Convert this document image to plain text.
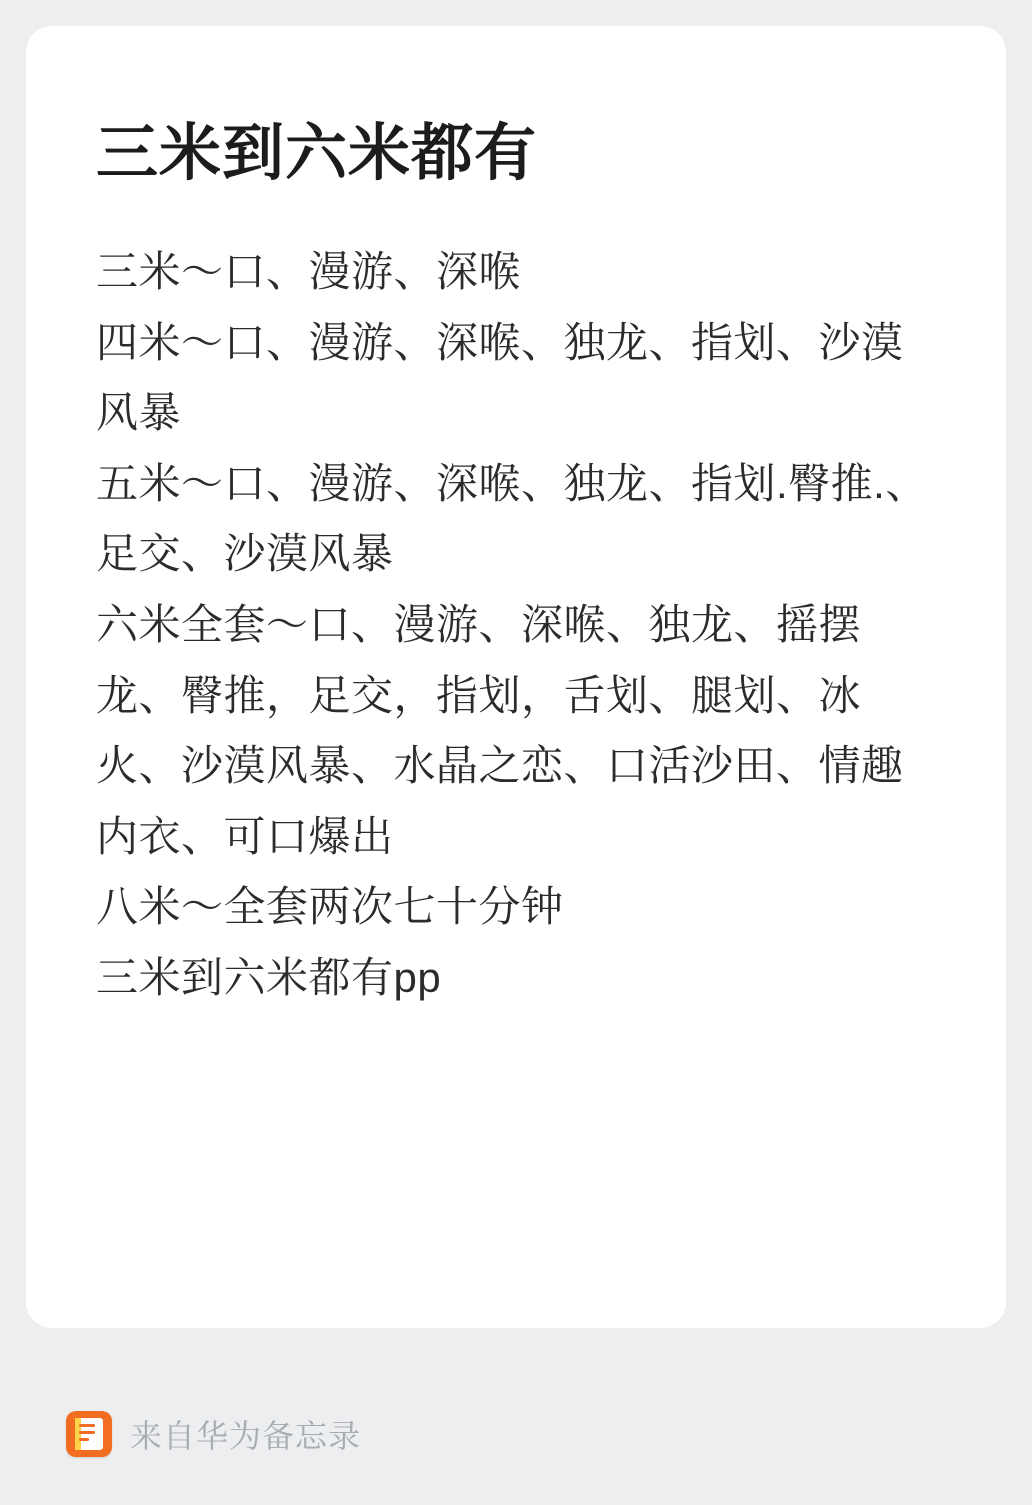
三米到六米都有

三米～口、漫游、深喉

四米～口、漫游、深喉、独龙、指划、沙漠风暴

五米～口、漫游、深喉、独龙、指划.臀推.、足交、沙漠风暴

六米全套～口、漫游、深喉、独龙、摇摆龙、臀推，足交，指划，舌划、腿划、冰火、沙漠风暴、水晶之恋、口活沙田、情趣内衣、可口爆出

八米～全套两次七十分钟

三米到六米都有pp

来自华为备忘录
